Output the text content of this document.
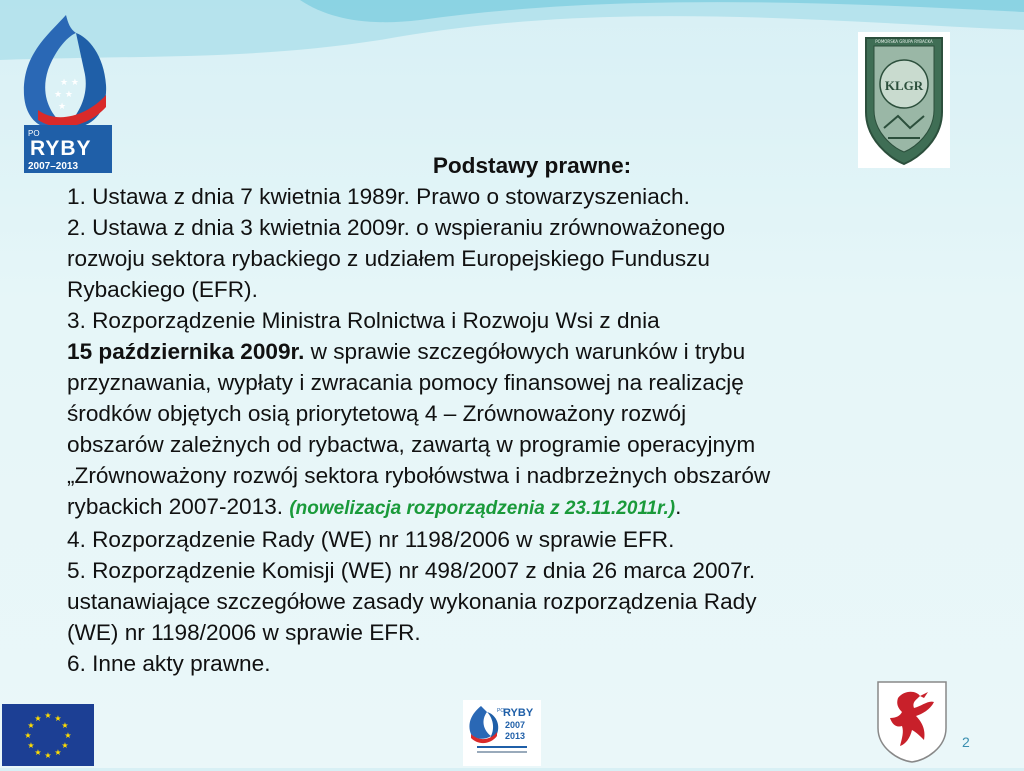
★ ★
★ ★
★
PO
RYBY
2007–2013
KLGR
POMORSKA GRUPA RYBACKA

Podstawy prawne:

1. Ustawa z dnia 7 kwietnia 1989r. Prawo o stowarzyszeniach.

2. Ustawa z dnia 3 kwietnia 2009r. o wspieraniu zrównoważonego

rozwoju sektora rybackiego z udziałem Europejskiego Funduszu

Rybackiego (EFR).

3. Rozporządzenie Ministra Rolnictwa i Rozwoju Wsi z dnia

15 października 2009r. w sprawie szczegółowych warunków i trybu

przyznawania, wypłaty i zwracania pomocy finansowej na realizację

środków objętych osią priorytetową 4 – Zrównoważony rozwój

obszarów zależnych od rybactwa, zawartą w programie operacyjnym

„Zrównoważony rozwój sektora rybołówstwa i nadbrzeżnych obszarów

rybackich 2007-2013. (nowelizacja rozporządzenia z 23.11.2011r.).

4. Rozporządzenie Rady (WE) nr 1198/2006 w sprawie EFR.

5. Rozporządzenie Komisji (WE) nr 498/2007 z dnia 26 marca 2007r.

ustanawiające szczegółowe zasady wykonania rozporządzenia Rady

(WE) nr 1198/2006 w sprawie EFR.

6. Inne akty prawne.

★ ★
★
★
★
★
★
★
★
★
★
★
PO
RYBY
2007
2013	2
